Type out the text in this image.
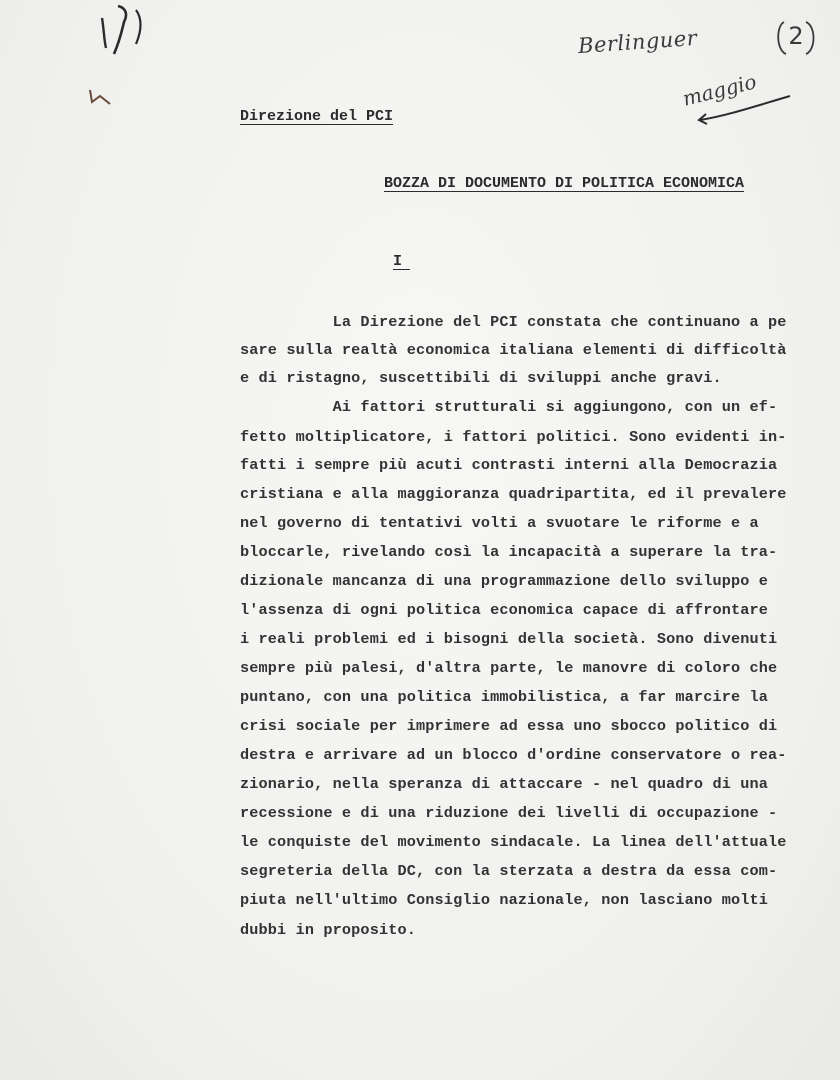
2
Berlinguer
maggio
Direzione del PCI
BOZZA DI DOCUMENTO DI POLITICA ECONOMICA
I
La Direzione del PCI constata che continuano a pe
sare sulla realtà economica italiana elementi di difficoltà
e di ristagno, suscettibili di sviluppi anche gravi.
Ai fattori strutturali si aggiungono, con un ef-
fetto moltiplicatore, i fattori politici. Sono evidenti in-
fatti i sempre più acuti contrasti interni alla Democrazia
cristiana e alla maggioranza quadripartita, ed il prevalere
nel governo di tentativi volti a svuotare le riforme e a
bloccarle, rivelando così la incapacità a superare la tra-
dizionale mancanza di una programmazione dello sviluppo e
l'assenza di ogni politica economica capace di affrontare
i reali problemi ed i bisogni della società. Sono divenuti
sempre più palesi, d'altra parte, le manovre di coloro che
puntano, con una politica immobilistica, a far marcire la
crisi sociale per imprimere ad essa uno sbocco politico di
destra e arrivare ad un blocco d'ordine conservatore o rea-
zionario, nella speranza di attaccare - nel quadro di una
recessione e di una riduzione dei livelli di occupazione -
le conquiste del movimento sindacale. La linea dell'attuale
segreteria della DC, con la sterzata a destra da essa com-
piuta nell'ultimo Consiglio nazionale, non lasciano molti
dubbi in proposito.
